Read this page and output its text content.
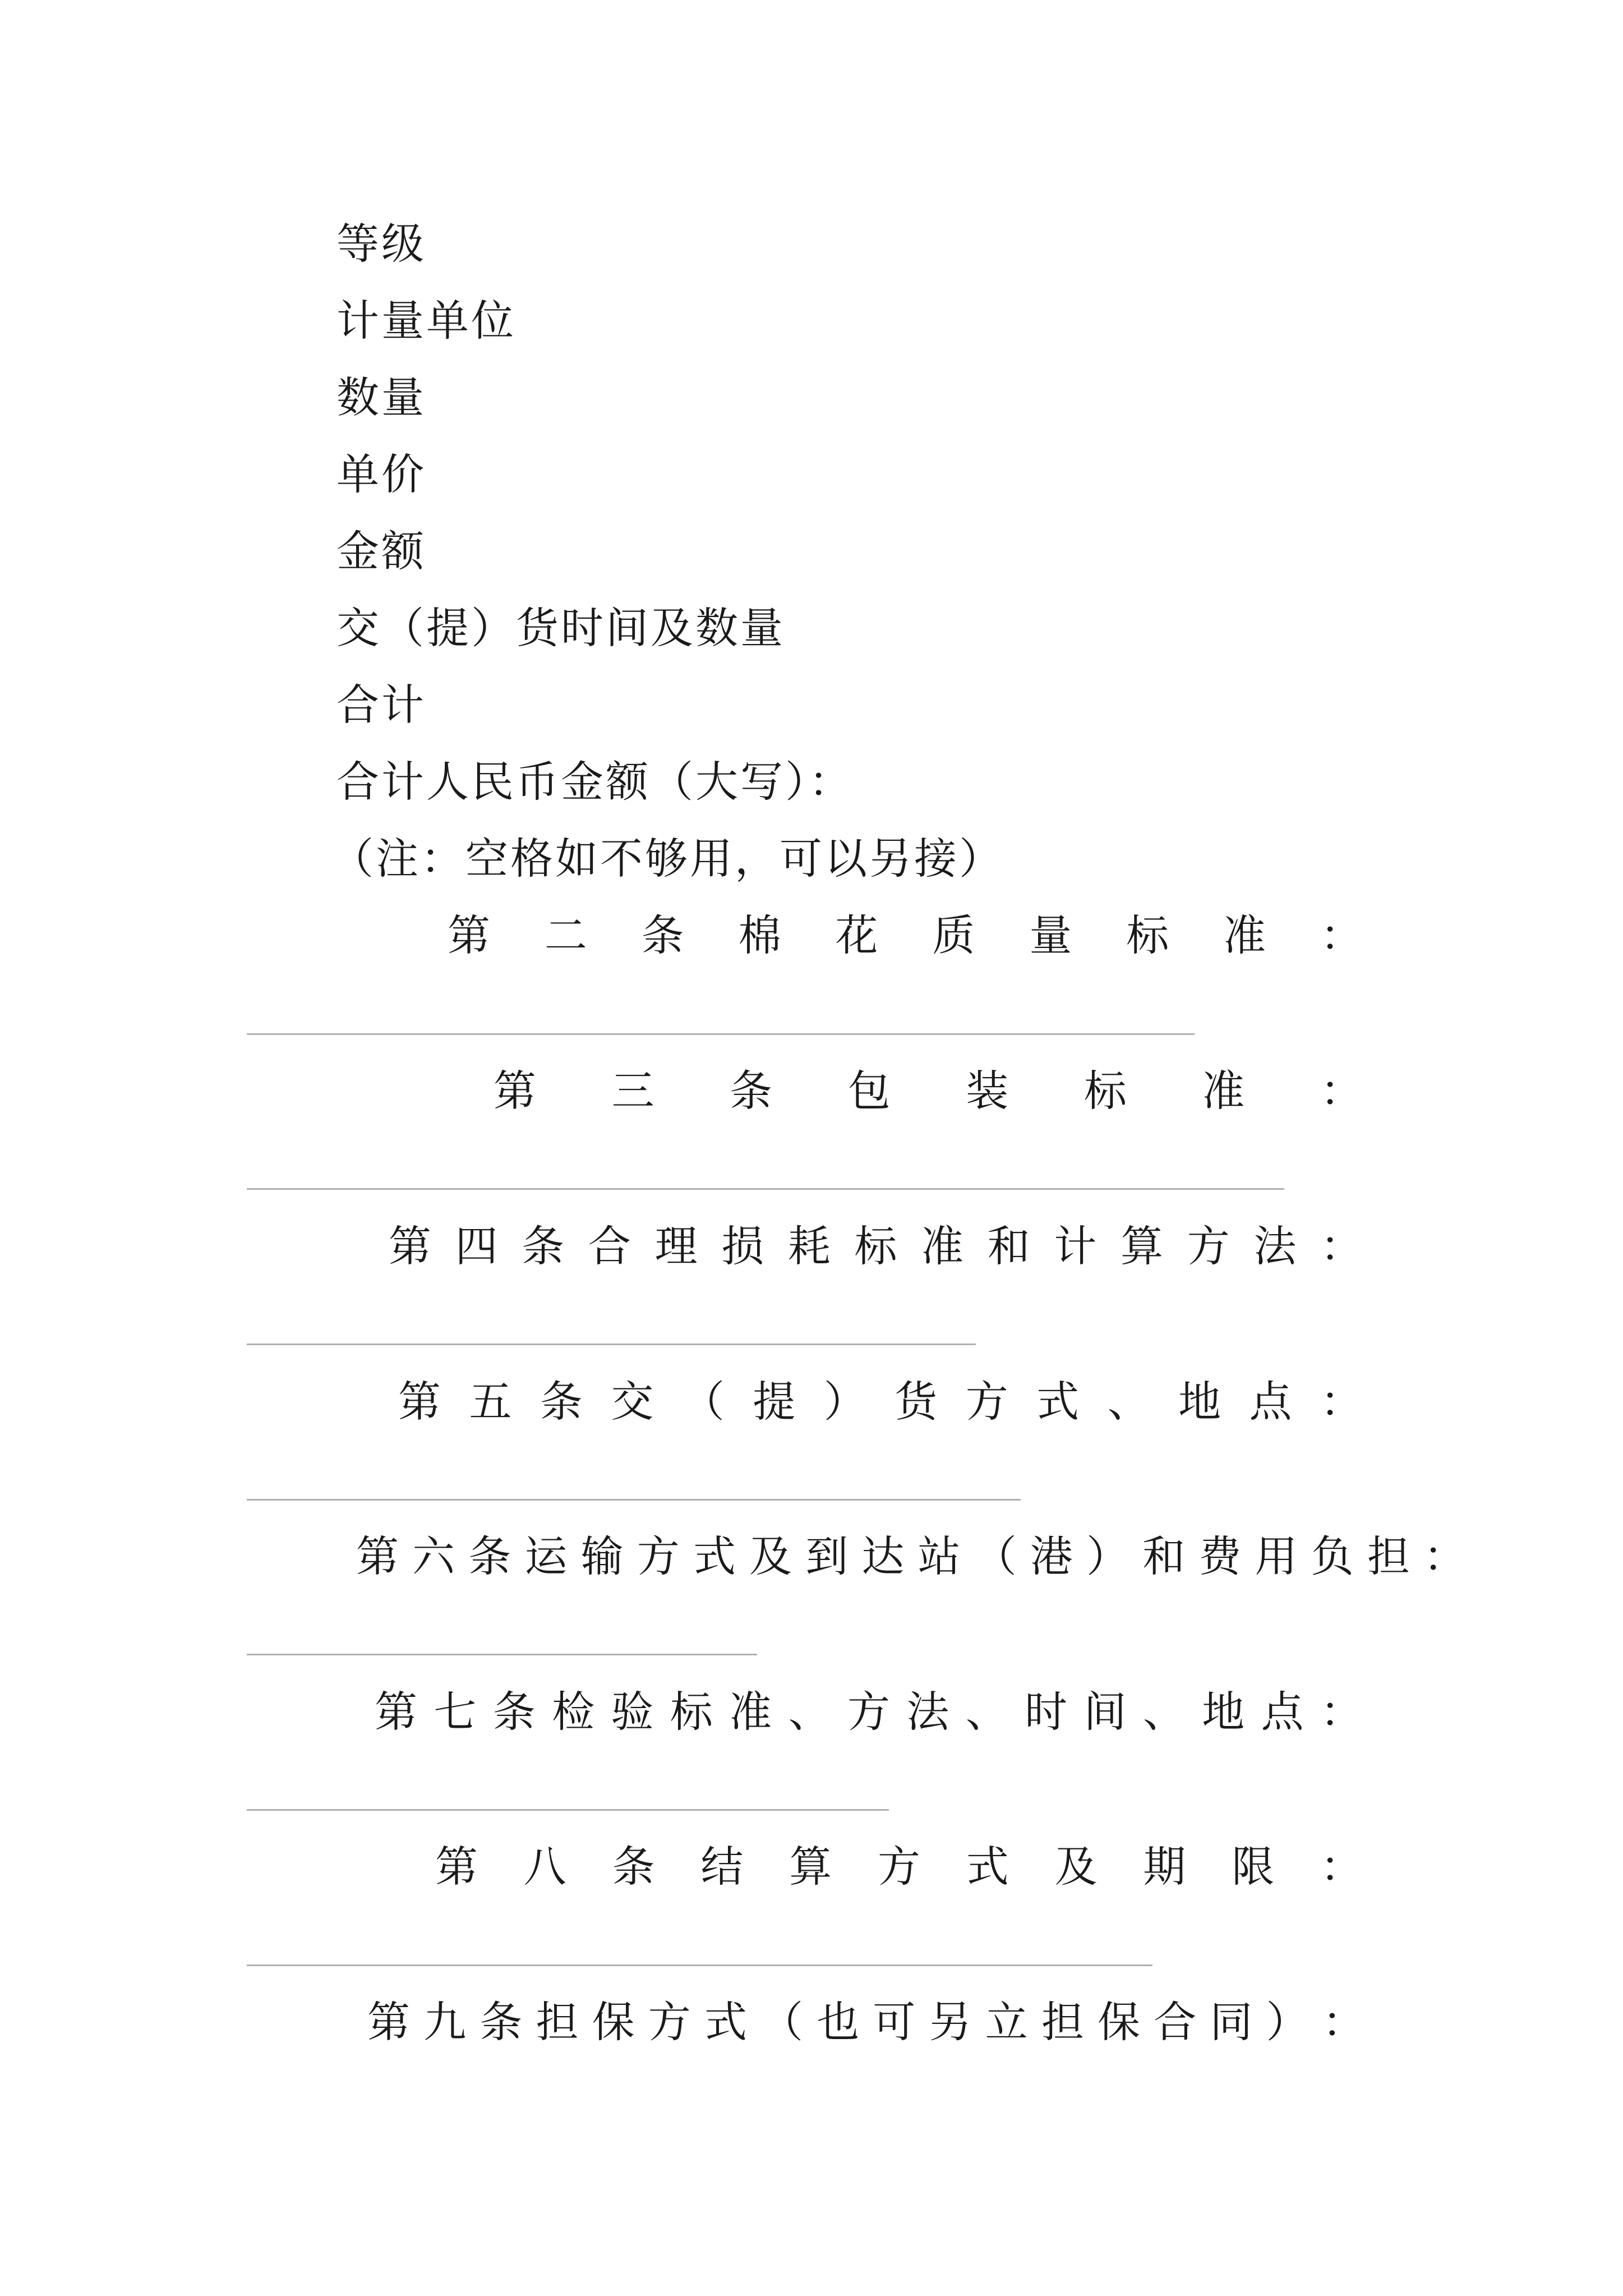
等级
计量单位
数量
单价
金额
交（提）货时间及数量
合计
合计人民币金额（大写）：
（注：空格如不够用，可以另接）
第 二 条 棉 花 质 量 标 准 ：
第 三 条 包 装 标 准 ：
第 四 条 合 理 损 耗 标 准 和 计 算 方 法 ：
第 五 条 交 （ 提 ） 货 方 式 、 地 点 ：
第 六 条 运 输 方 式 及 到 达 站 （ 港 ） 和 费 用 负 担 ：
第 七 条 检 验 标 准 、 方 法 、 时 间 、 地 点 ：
第 八 条 结 算 方 式 及 期 限 ：
第 九 条 担 保 方 式 （ 也 可 另 立 担 保 合 同 ） ：
